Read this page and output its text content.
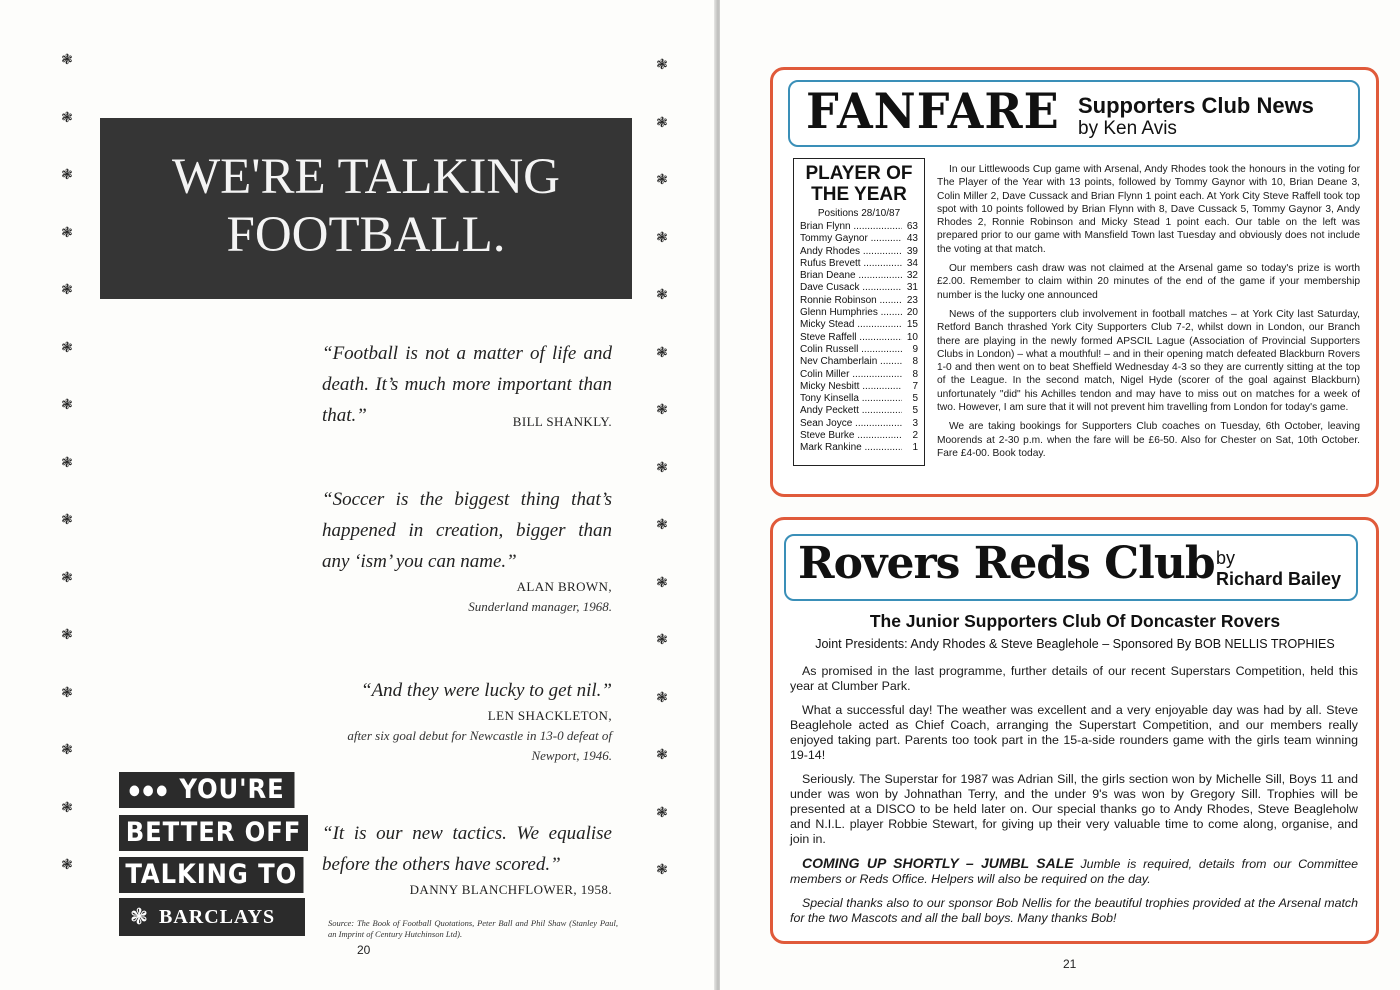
❃
❃
❃
❃
❃
❃
❃
❃
❃
❃
❃
❃
❃
❃
❃
❃
❃
❃
❃
❃
❃
❃
❃
❃
❃
❃
❃
❃
❃
❃
WE'RE TALKING
FOOTBALL.
“Football is not a matter of life and death. It’s much more important than that.”	BILL SHANKLY.
“Soccer is the biggest thing that’s happened in creation, bigger than any ‘ism’ you can name.”
ALAN BROWN,
Sunderland manager, 1968.
“And they were lucky to get nil.”
LEN SHACKLETON,
after six goal debut for Newcastle in 13-0 defeat of Newport, 1946.
“It is our new tactics. We equalise before the others have scored.”
DANNY BLANCHFLOWER, 1958.
●●● YOU'RE
BETTER OFF
TALKING TO
❃ BARCLAYS	Source: The Book of Football Quotations, Peter Ball and Phil Shaw (Stanley Paul, an Imprint of Century Hutchinson Ltd).
20
FANFARE Supporters Club News
by Ken Avis
PLAYER OF
THE YEAR
Positions 28/10/87
Brian Flynn .....	63
Tommy Gaynor .....	43
Andy Rhodes .....	39
Rufus Brevett .....	34
Brian Deane .....	32
Dave Cusack .....	31
Ronnie Robinson .....	23
Glenn Humphries .....	20
Micky Stead .....	15
Steve Raffell .....	10
Colin Russell .....	9
Nev Chamberlain .....	8
Colin Miller .....	8
Micky Nesbitt .....	7
Tony Kinsella .....	5
Andy Peckett .....	5
Sean Joyce .....	3
Steve Burke .....	2
Mark Rankine .....	1

In our Littlewoods Cup game with Arsenal, Andy Rhodes took the honours in the voting for The Player of the Year with 13 points, followed by Tommy Gaynor with 10, Brian Deane 3, Colin Miller 2, Dave Cussack and Brian Flynn 1 point each. At York City Steve Raffell took top spot with 10 points followed by Brian Flynn with 8, Dave Cussack 5, Tommy Gaynor 3, Andy Rhodes 2, Ronnie Robinson and Micky Stead 1 point each. Our table on the left was prepared prior to our game with Mansfield Town last Tuesday and obviously does not include the voting at that match.

Our members cash draw was not claimed at the Arsenal game so today's prize is worth £2.00. Remember to claim within 20 minutes of the end of the game if your membership number is the lucky one announced

News of the supporters club involvement in football matches – at York City last Saturday, Retford Banch thrashed York City Supporters Club 7-2, whilst down in London, our Branch there are playing in the newly formed APSCIL Lague (Association of Provincial Supporters Clubs in London) – what a mouthful! – and in their opening match defeated Blackburn Rovers 1-0 and then went on to beat Sheffield Wednesday 4-3 so they are currently sitting at the top of the League. In the second match, Nigel Hyde (scorer of the goal against Blackburn) unfortunately "did" his Achilles tendon and may have to miss out on matches for a week of two. However, I am sure that it will not prevent him travelling from London for today's game.

We are taking bookings for Supporters Club coaches on Tuesday, 6th October, leaving Moorends at 2-30 p.m. when the fare will be £6-50. Also for Chester on Sat, 10th October. Fare £4-00. Book today.

Rovers Reds Club by
Richard Bailey
The Junior Supporters Club Of Doncaster Rovers
Joint Presidents: Andy Rhodes & Steve Beaglehole – Sponsored By BOB NELLIS TROPHIES

As promised in the last programme, further details of our recent Superstars Competition, held this year at Clumber Park.

What a successful day! The weather was excellent and a very enjoyable day was had by all. Steve Beaglehole acted as Chief Coach, arranging the Superstart Competition, and our members really enjoyed taking part. Parents too took part in the 15-a-side rounders game with the girls team winning 19-14!

Seriously. The Superstar for 1987 was Adrian Sill, the girls section won by Michelle Sill, Boys 11 and under was won by Johnathan Terry, and the under 9's was won by Gregory Sill. Trophies will be presented at a DISCO to be held later on. Our special thanks go to Andy Rhodes, Steve Beagleholw and N.I.L. player Robbie Stewart, for giving up their very valuable time to come along, organise, and join in.

COMING UP SHORTLY – JUMBL SALE Jumble is required, details from our Committee members or Reds Office. Helpers will also be required on the day.

Special thanks also to our sponsor Bob Nellis for the beautiful trophies provided at the Arsenal match for the two Mascots and all the ball boys. Many thanks Bob!

21
